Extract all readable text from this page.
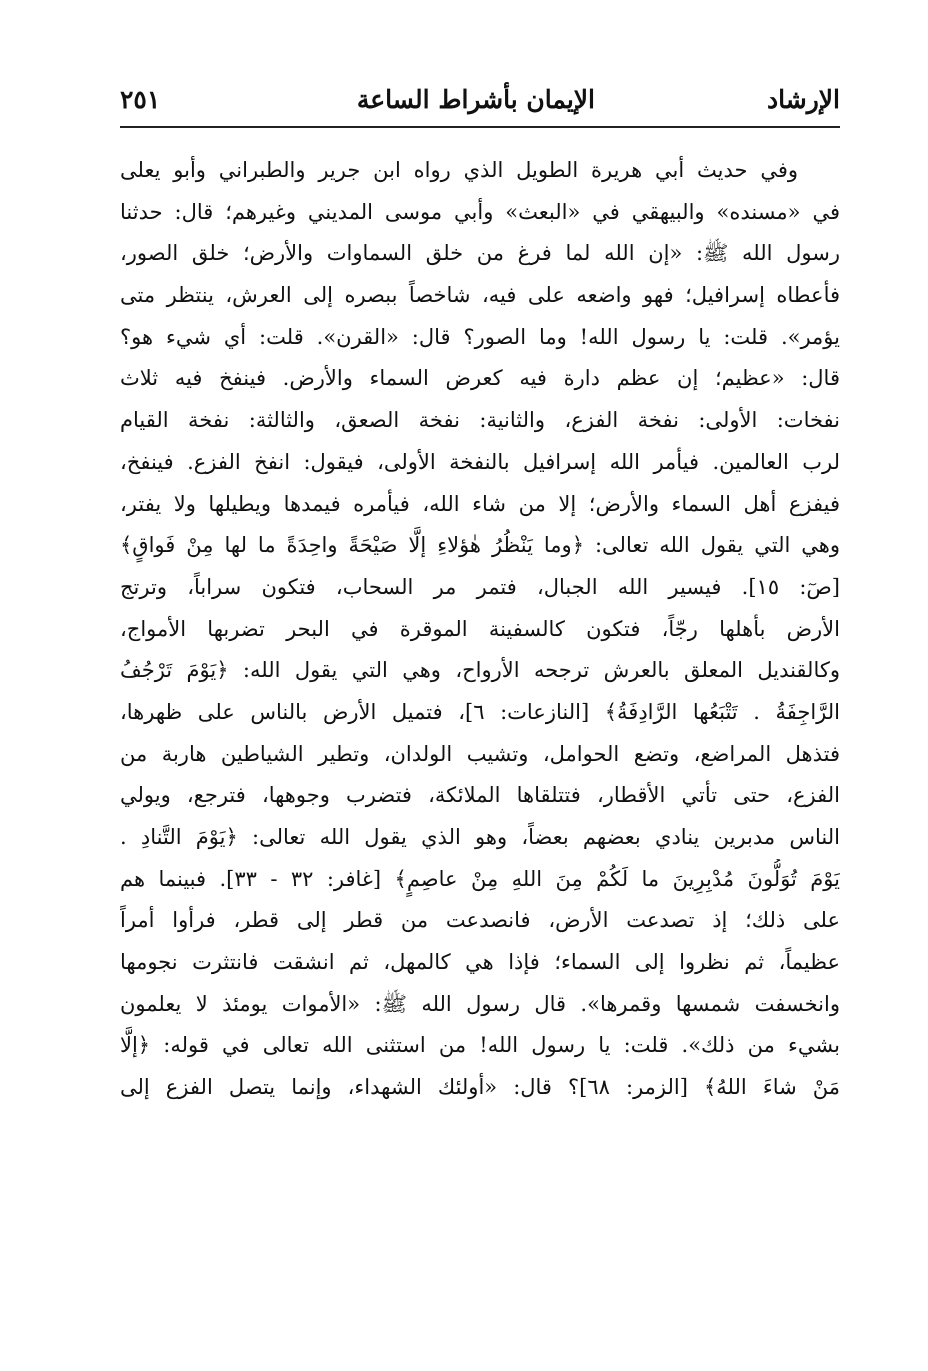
الإرشاد
الإيمان بأشراط الساعة
٢٥١
وفي حديث أبي هريرة الطويل الذي رواه ابن جرير والطبراني وأبو يعلى
في «مسنده» والبيهقي في «البعث» وأبي موسى المديني وغيرهم؛ قال: حدثنا
رسول الله ﷺ: «إن الله لما فرغ من خلق السماوات والأرض؛ خلق الصور،
فأعطاه إسرافيل؛ فهو واضعه على فيه، شاخصاً ببصره إلى العرش، ينتظر متى
يؤمر». قلت: يا رسول الله! وما الصور؟ قال: «القرن». قلت: أي شيء هو؟
قال: «عظيم؛ إن عظم دارة فيه كعرض السماء والأرض. فينفخ فيه ثلاث
نفخات: الأولى: نفخة الفزع، والثانية: نفخة الصعق، والثالثة: نفخة القيام
لرب العالمين. فيأمر الله إسرافيل بالنفخة الأولى، فيقول: انفخ الفزع. فينفخ،
فيفزع أهل السماء والأرض؛ إلا من شاء الله، فيأمره فيمدها ويطيلها ولا يفتر،
وهي التي يقول الله تعالى: ﴿وما يَنْظُرُ هٰؤلاءِ إلَّا صَيْحَةً واحِدَةً ما لها مِنْ فَواقٍ﴾
[صٓ: ١٥]. فيسير الله الجبال، فتمر مر السحاب، فتكون سراباً، وترتج
الأرض بأهلها رجّاً، فتكون كالسفينة الموقرة في البحر تضربها الأمواج،
وكالقنديل المعلق بالعرش ترجحه الأرواح، وهي التي يقول الله: ﴿يَوْمَ تَرْجُفُ
الرَّاجِفَةُ . تَتْبَعُها الرَّادِفَةُ﴾ [النازعات: ٦]، فتميل الأرض بالناس على ظهرها،
فتذهل المراضع، وتضع الحوامل، وتشيب الولدان، وتطير الشياطين هاربة من
الفزع، حتى تأتي الأقطار، فتتلقاها الملائكة، فتضرب وجوهها، فترجع، ويولي
الناس مدبرين ينادي بعضهم بعضاً، وهو الذي يقول الله تعالى: ﴿يَوْمَ التَّنادِ .
يَوْمَ تُوَلُّونَ مُدْبِرِينَ ما لَكُمْ مِنَ اللهِ مِنْ عاصِمٍ﴾ [غافر: ٣٢ - ٣٣]. فبينما هم
على ذلك؛ إذ تصدعت الأرض، فانصدعت من قطر إلى قطر، فرأوا أمراً
عظيماً، ثم نظروا إلى السماء؛ فإذا هي كالمهل، ثم انشقت فانتثرت نجومها
وانخسفت شمسها وقمرها». قال رسول الله ﷺ: «الأموات يومئذ لا يعلمون
بشيء من ذلك». قلت: يا رسول الله! من استثنى الله تعالى في قوله: ﴿إلَّا
مَنْ شاءَ اللهُ﴾ [الزمر: ٦٨]؟ قال: «أولئك الشهداء، وإنما يتصل الفزع إلى
